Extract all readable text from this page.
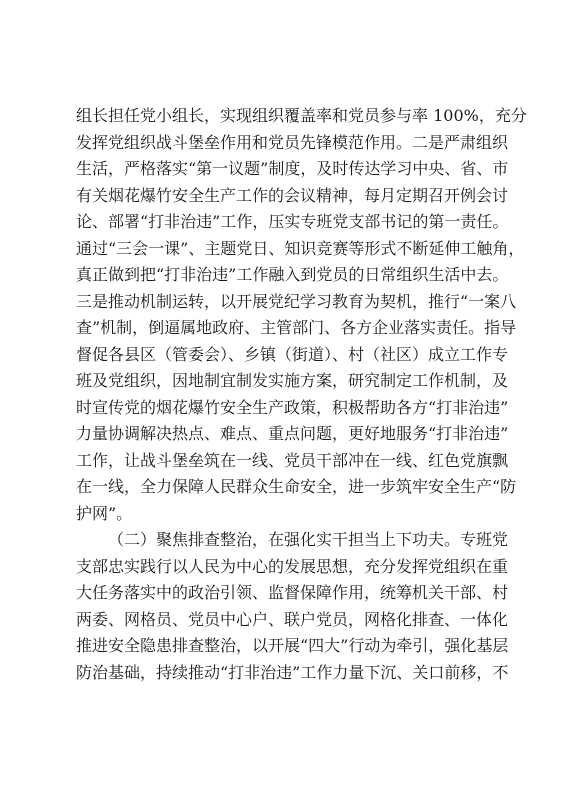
组长担任党小组长，实现组织覆盖率和党员参与率 100%，充分
发挥党组织战斗堡垒作用和党员先锋模范作用。二是严肃组织
生活，严格落实“第一议题”制度，及时传达学习中央、省、市
有关烟花爆竹安全生产工作的会议精神，每月定期召开例会讨
论、部署“打非治违”工作，压实专班党支部书记的第一责任。
通过“三会一课”、主题党日、知识竞赛等形式不断延伸工触角，
真正做到把“打非治违”工作融入到党员的日常组织生活中去。
三是推动机制运转，以开展党纪学习教育为契机，推行“一案八
查”机制，倒逼属地政府、主管部门、各方企业落实责任。指导
督促各县区（管委会）、乡镇（街道）、村（社区）成立工作专
班及党组织，因地制宜制发实施方案，研究制定工作机制，及
时宣传党的烟花爆竹安全生产政策，积极帮助各方“打非治违”
力量协调解决热点、难点、重点问题，更好地服务“打非治违”
工作，让战斗堡垒筑在一线、党员干部冲在一线、红色党旗飘
在一线，全力保障人民群众生命安全，进一步筑牢安全生产“防
护网”。
（二）聚焦排查整治，在强化实干担当上下功夫。专班党
支部忠实践行以人民为中心的发展思想，充分发挥党组织在重
大任务落实中的政治引领、监督保障作用，统筹机关干部、村
两委、网格员、党员中心户、联户党员，网格化排查、一体化
推进安全隐患排查整治，以开展“四大”行动为牵引，强化基层
防治基础，持续推动“打非治违”工作力量下沉、关口前移，不
